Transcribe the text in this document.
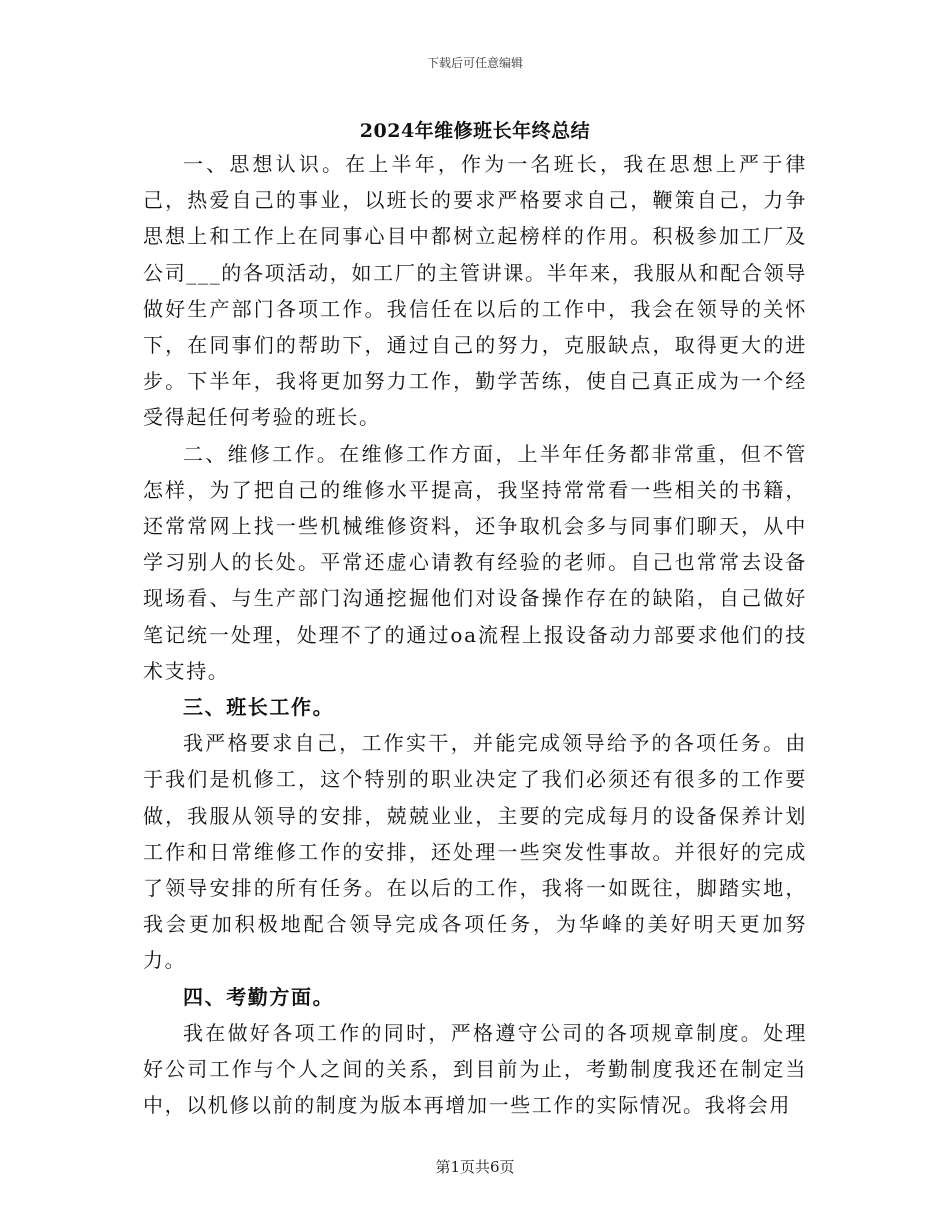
下载后可任意编辑
2024年维修班长年终总结

一、思想认识。在上半年，作为一名班长，我在思想上严于律己，热爱自己的事业，以班长的要求严格要求自己，鞭策自己，力争思想上和工作上在同事心目中都树立起榜样的作用。积极参加工厂及公司___的各项活动，如工厂的主管讲课。半年来，我服从和配合领导做好生产部门各项工作。我信任在以后的工作中，我会在领导的关怀下，在同事们的帮助下，通过自己的努力，克服缺点，取得更大的进步。下半年，我将更加努力工作，勤学苦练，使自己真正成为一个经受得起任何考验的班长。

二、维修工作。在维修工作方面，上半年任务都非常重，但不管怎样，为了把自己的维修水平提高，我坚持常常看一些相关的书籍，还常常网上找一些机械维修资料，还争取机会多与同事们聊天，从中学习别人的长处。平常还虚心请教有经验的老师。自己也常常去设备现场看、与生产部门沟通挖掘他们对设备操作存在的缺陷，自己做好笔记统一处理，处理不了的通过oa流程上报设备动力部要求他们的技术支持。

三、班长工作。

我严格要求自己，工作实干，并能完成领导给予的各项任务。由于我们是机修工，这个特别的职业决定了我们必须还有很多的工作要做，我服从领导的安排，兢兢业业，主要的完成每月的设备保养计划工作和日常维修工作的安排，还处理一些突发性事故。并很好的完成了领导安排的所有任务。在以后的工作，我将一如既往，脚踏实地，我会更加积极地配合领导完成各项任务，为华峰的美好明天更加努力。

四、考勤方面。

我在做好各项工作的同时，严格遵守公司的各项规章制度。处理好公司工作与个人之间的关系，到目前为止，考勤制度我还在制定当中，以机修以前的制度为版本再增加一些工作的实际情况。我将会用

第1页共6页
